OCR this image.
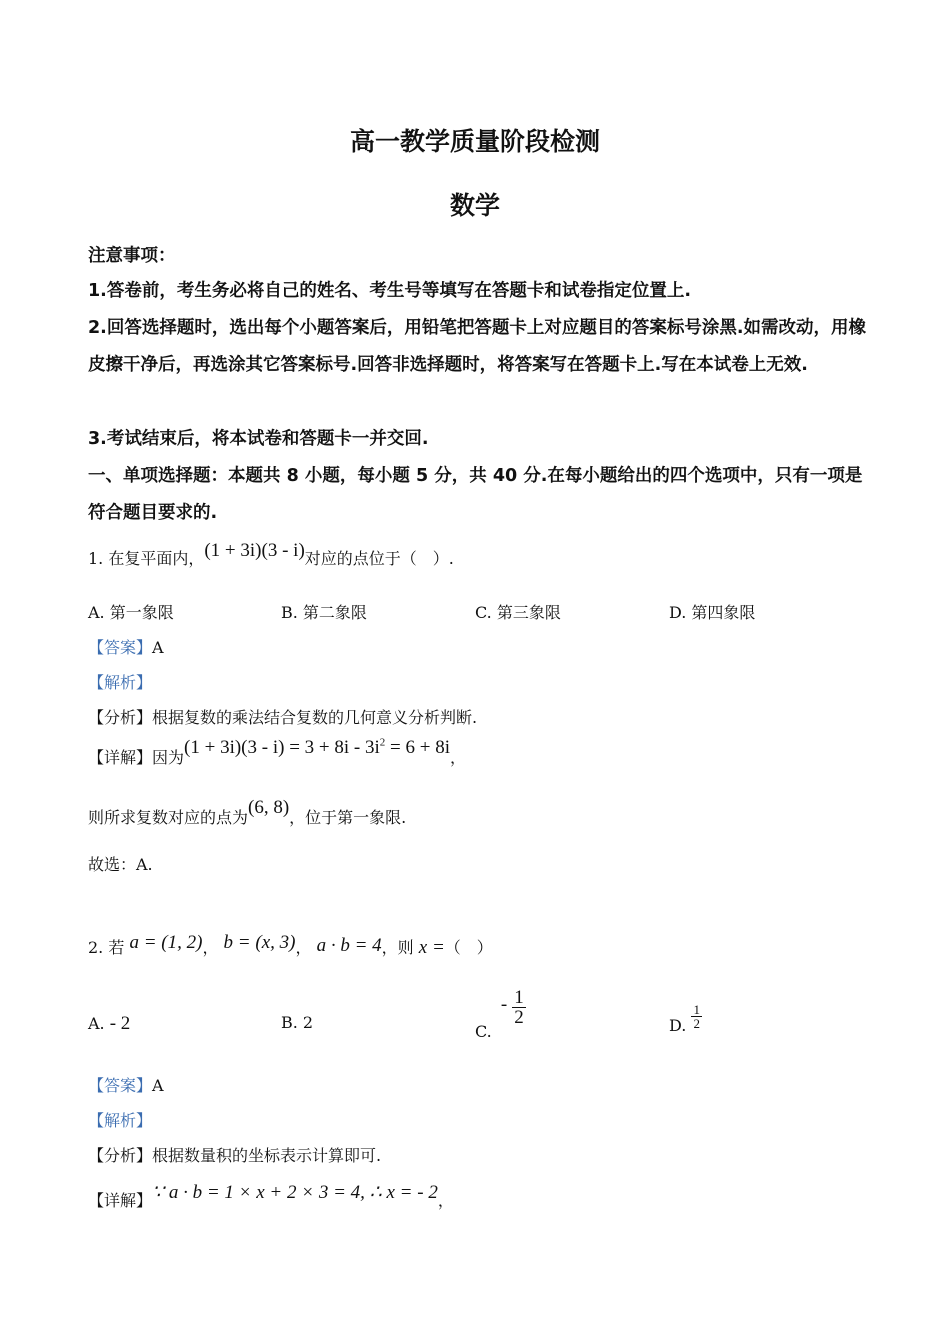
高一教学质量阶段检测
数学
注意事项：
1.答卷前，考生务必将自己的姓名、考生号等填写在答题卡和试卷指定位置上.
2.回答选择题时，选出每个小题答案后，用铅笔把答题卡上对应题目的答案标号涂黑.如需改动，用橡皮擦干净后，再选涂其它答案标号.回答非选择题时，将答案写在答题卡上.写在本试卷上无效.
3.考试结束后，将本试卷和答题卡一并交回.
一、单项选择题：本题共 8 小题，每小题 5 分，共 40 分.在每小题给出的四个选项中，只有一项是符合题目要求的.
1. 在复平面内，(1 + 3i)(3 - i)对应的点位于（　）.
A. 第一象限	B. 第二象限	C. 第三象限	D. 第四象限
【答案】A
【解析】
【分析】根据复数的乘法结合复数的几何意义分析判断.
【详解】因为$(1 + 3i)(3 - i) = 3 + 8i - 3i^2 = 6 + 8i$，
则所求复数对应的点为(6, 8)，位于第一象限.
故选：A.
2. 若 a = (1, 2)， b = (x, 3)， a · b = 4，则 x =（　）
A. - 2	B. 2	C. - $\frac{1}{2}$	D. $\frac{1}{2}$
【答案】A
【解析】
【分析】根据数量积的坐标表示计算即可.
【详解】∵ a · b = 1 × x + 2 × 3 = 4, ∴ x = - 2，
